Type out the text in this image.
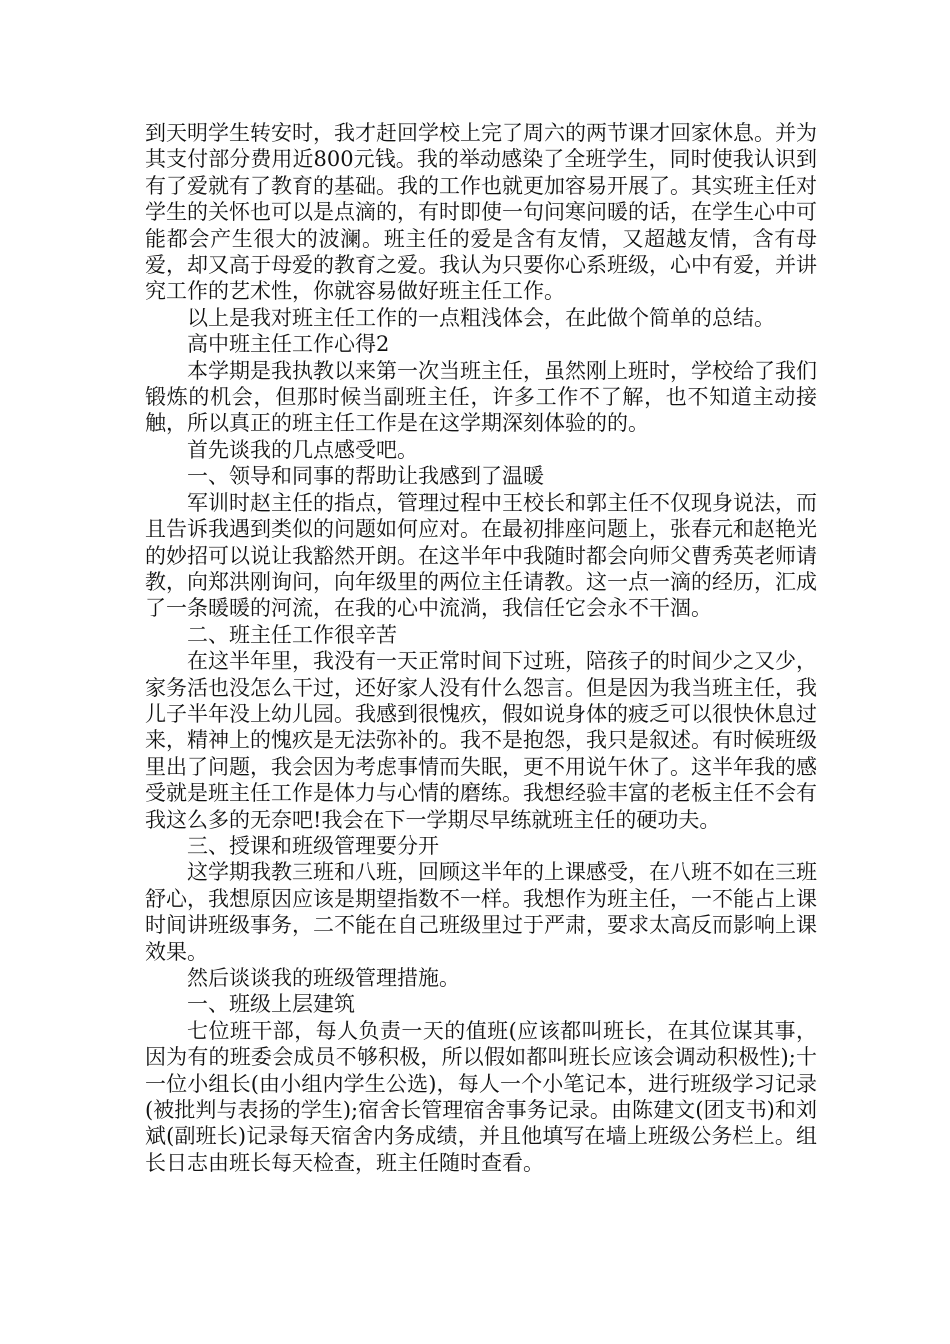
到天明学生转安时，我才赶回学校上完了周六的两节课才回家休息。并为其支付部分费用近800元钱。我的举动感染了全班学生，同时使我认识到有了爱就有了教育的基础。我的工作也就更加容易开展了。其实班主任对学生的关怀也可以是点滴的，有时即使一句问寒问暖的话，在学生心中可能都会产生很大的波澜。班主任的爱是含有友情，又超越友情，含有母爱，却又高于母爱的教育之爱。我认为只要你心系班级，心中有爱，并讲究工作的艺术性，你就容易做好班主任工作。

以上是我对班主任工作的一点粗浅体会，在此做个简单的总结。

高中班主任工作心得2

本学期是我执教以来第一次当班主任，虽然刚上班时，学校给了我们锻炼的机会，但那时候当副班主任，许多工作不了解，也不知道主动接触，所以真正的班主任工作是在这学期深刻体验的的。

首先谈我的几点感受吧。

一、领导和同事的帮助让我感到了温暖

军训时赵主任的指点，管理过程中王校长和郭主任不仅现身说法，而且告诉我遇到类似的问题如何应对。在最初排座问题上，张春元和赵艳光的妙招可以说让我豁然开朗。在这半年中我随时都会向师父曹秀英老师请教，向郑洪刚询问，向年级里的两位主任请教。这一点一滴的经历，汇成了一条暖暖的河流，在我的心中流淌，我信任它会永不干涸。

二、班主任工作很辛苦

在这半年里，我没有一天正常时间下过班，陪孩子的时间少之又少，家务活也没怎么干过，还好家人没有什么怨言。但是因为我当班主任，我儿子半年没上幼儿园。我感到很愧疚，假如说身体的疲乏可以很快休息过来，精神上的愧疚是无法弥补的。我不是抱怨，我只是叙述。有时候班级里出了问题，我会因为考虑事情而失眠，更不用说午休了。这半年我的感受就是班主任工作是体力与心情的磨练。我想经验丰富的老板主任不会有我这么多的无奈吧!我会在下一学期尽早练就班主任的硬功夫。

三、授课和班级管理要分开

这学期我教三班和八班，回顾这半年的上课感受，在八班不如在三班舒心，我想原因应该是期望指数不一样。我想作为班主任，一不能占上课时间讲班级事务，二不能在自己班级里过于严肃，要求太高反而影响上课效果。

然后谈谈我的班级管理措施。

一、班级上层建筑

七位班干部，每人负责一天的值班(应该都叫班长，在其位谋其事，因为有的班委会成员不够积极，所以假如都叫班长应该会调动积极性);十一位小组长(由小组内学生公选)，每人一个小笔记本，进行班级学习记录(被批判与表扬的学生);宿舍长管理宿舍事务记录。由陈建文(团支书)和刘斌(副班长)记录每天宿舍内务成绩，并且他填写在墙上班级公务栏上。组长日志由班长每天检查，班主任随时查看。
